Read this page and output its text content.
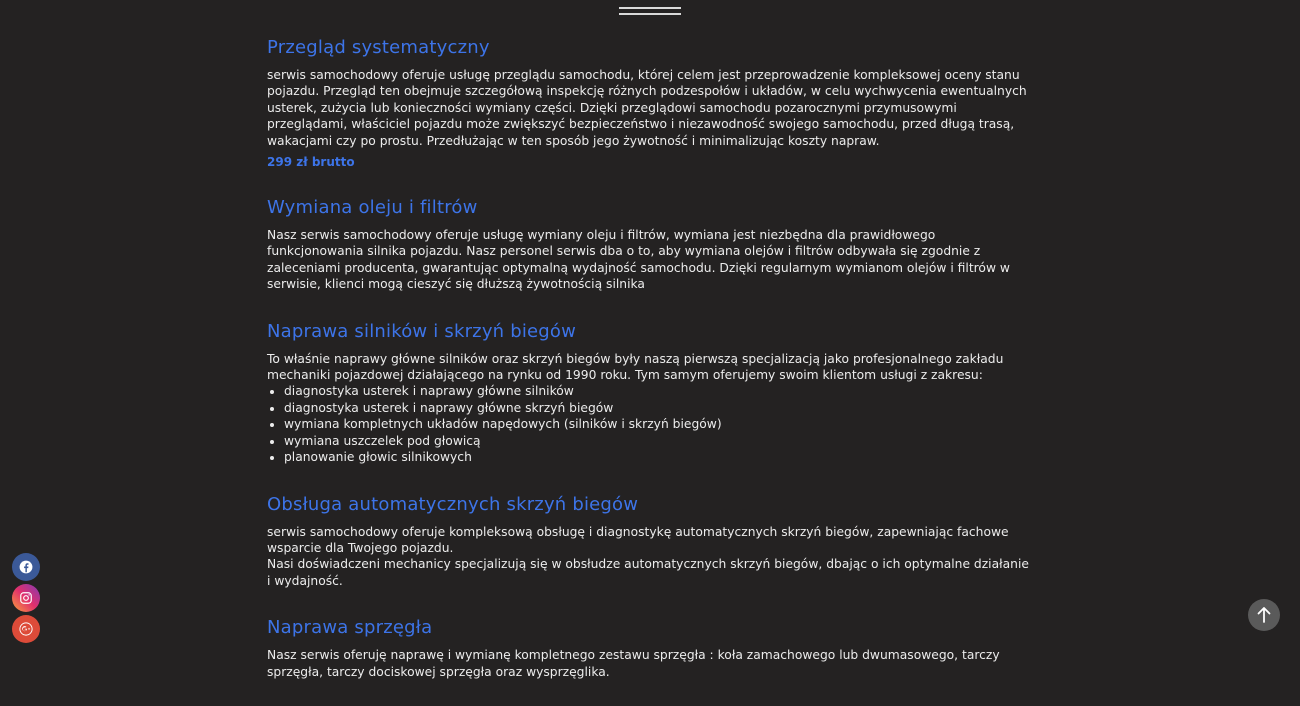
Przegląd systematyczny

serwis samochodowy oferuje usługę przeglądu samochodu, której celem jest przeprowadzenie kompleksowej oceny stanu pojazdu. Przegląd ten obejmuje szczegółową inspekcję różnych podzespołów i układów, w celu wychwycenia ewentualnych usterek, zużycia lub konieczności wymiany części. Dzięki przeglądowi samochodu pozarocznymi przymusowymi przeglądami, właściciel pojazdu może zwiększyć bezpieczeństwo i niezawodność swojego samochodu, przed długą trasą, wakacjami czy po prostu. Przedłużając w ten sposób jego żywotność i minimalizując koszty napraw.

299 zł brutto
Wymiana oleju i filtrów

Nasz serwis samochodowy oferuje usługę wymiany oleju i filtrów, wymiana jest niezbędna dla prawidłowego funkcjonowania silnika pojazdu. Nasz personel serwis dba o to, aby wymiana olejów i filtrów odbywała się zgodnie z zaleceniami producenta, gwarantując optymalną wydajność samochodu. Dzięki regularnym wymianom olejów i filtrów w serwisie, klienci mogą cieszyć się dłuższą żywotnością silnika

Naprawa silników i skrzyń biegów

To właśnie naprawy główne silników oraz skrzyń biegów były naszą pierwszą specjalizacją jako profesjonalnego zakładu mechaniki pojazdowej działającego na rynku od 1990 roku. Tym samym oferujemy swoim klientom usługi z zakresu:

• diagnostyka usterek i naprawy główne silników
• diagnostyka usterek i naprawy główne skrzyń biegów
• wymiana kompletnych układów napędowych (silników i skrzyń biegów)
• wymiana uszczelek pod głowicą
• planowanie głowic silnikowych
Obsługa automatycznych skrzyń biegów

serwis samochodowy oferuje kompleksową obsługę i diagnostykę automatycznych skrzyń biegów, zapewniając fachowe wsparcie dla Twojego pojazdu.

Nasi doświadczeni mechanicy specjalizują się w obsłudze automatycznych skrzyń biegów, dbając o ich optymalne działanie i wydajność.

Naprawa sprzęgła

Nasz serwis oferuję naprawę i wymianę kompletnego zestawu sprzęgła : koła zamachowego lub dwumasowego, tarczy sprzęgła, tarczy dociskowej sprzęgła oraz wysprzęglika.
